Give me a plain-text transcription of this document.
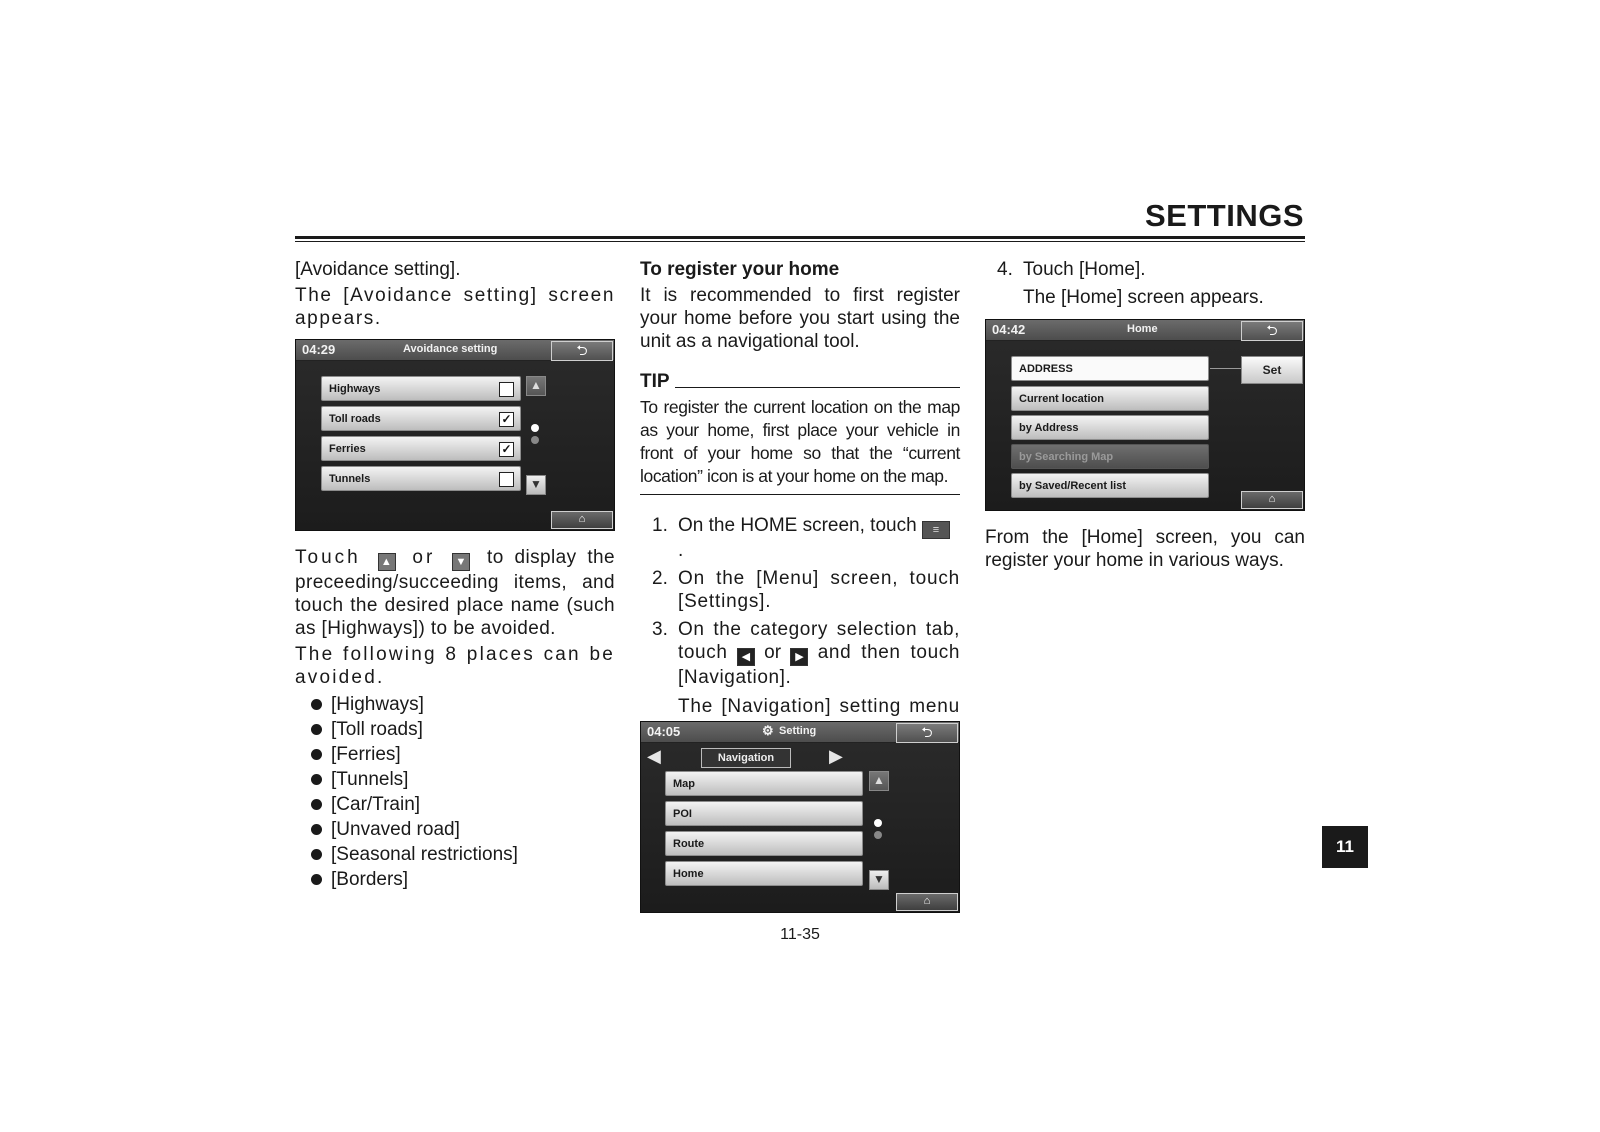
SETTINGS

[Avoidance setting].

The [Avoidance setting] screen appears.

04:29	Avoidance setting	⮌
Highways
Toll roads	✓
Ferries	✓
Tunnels
▲
▼
⌂

Touch ▲ or ▼ to display the preceeding/succeeding items, and touch the desired place name (such as [Highways]) to be avoided.

The following 8 places can be avoided.

[Highways]
[Toll roads]
[Ferries]
[Tunnels]
[Car/Train]
[Unvaved road]
[Seasonal restrictions]
[Borders]

To register your home

It is recommended to first register your home before you start using the unit as a navigational tool.

TIP
To register the current location on the map as your home, first place your vehicle in front of your home so that the “current location” icon is at your home on the map.
1. On the HOME screen, touch ≡ .
2. On the [Menu] screen, touch [Settings].
3. On the category selection tab, touch ◀ or ▶ and then touch [Navigation].
The [Navigation] setting menu
04:05	⚙ Setting	⮌
◀	Navigation	▶
Map
POI
Route
Home
▲
▼
⌂
4. Touch [Home].
The [Home] screen appears.
04:42	Home	⮌
ADDRESS	Set
Current location
by Address
by Searching Map
by Saved/Recent list
⌂

From the [Home] screen, you can register your home in various ways.

11
11-35
